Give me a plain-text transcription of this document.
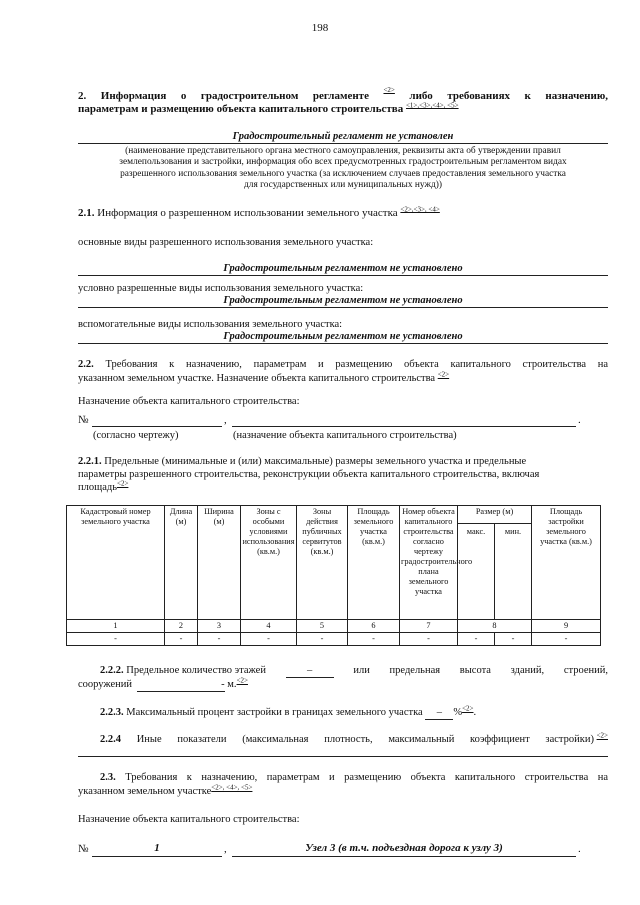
198
2. Информация о градостроительном регламенте <2> либо требованиях к назначению,
параметрам и размещению объекта капитального строительства $^{<1>,<3>,<4>, <5>}$
Градостроительный регламент не установлен
(наименование представительного органа местного самоуправления, реквизиты акта об утверждении правил
землепользования и застройки, информация обо всех предусмотренных градостроительным регламентом видах
разрешенного использования земельного участка (за исключением случаев предоставления земельного участка
для государственных или муниципальных нужд))
2.1. Информация о разрешенном использовании земельного участка $^{<2>,<3>, <4>}$
основные виды разрешенного использования земельного участка:
Градостроительным регламентом не установлено
условно разрешенные виды использования земельного участка:
Градостроительным регламентом не установлено
вспомогательные виды использования земельного участка:
Градостроительным регламентом не установлено
2.2. Требования к назначению, параметрам и размещению объекта капитального строительства на
указанном земельном участке. Назначение объекта капитального строительства $^{<2>}$
Назначение объекта капитального строительства:
№	,	.
(согласно чертежу)	(назначение объекта капитального строительства)
2.2.1. Предельные (минимальные и (или) максимальные) размеры земельного участка и предельные
параметры разрешенного строительства, реконструкции объекта капитального строительства, включая
площадь$^{<2>}$
Кадастровый номер земельного участка	Длина (м)	Ширина (м)	Зоны с особыми условиями использования (кв.м.)	Зоны действия публичных сервитутов (кв.м.)	Площадь земельного участка (кв.м.)	Номер объекта капитального строительства согласно чертежу градостроительного плана земельного участка	Размер (м)		Площадь застройки земельного участка (кв.м.)
							макс.	мин.	
1	2	3	4	5	6	7	8		9
-	-	-	-	-	-	-	-	-	-
2.2.2. Предельное количество этажей	–	или предельная высота зданий, строений,
сооружений	- м.$^{<2>}$
2.2.3. Максимальный процент застройки в границах земельного участка – %$^{<2>}$.
2.2.4 Иные показатели (максимальная плотность, максимальный коэффициент застройки) $^{<2>}$
2.3. Требования к назначению, параметрам и размещению объекта капитального строительства на
указанном земельном участке$^{<2>, <4>, <5>}$
Назначение объекта капитального строительства:
№	1	,	Узел 3 (в т.ч. подъездная дорога к узлу 3)	.
